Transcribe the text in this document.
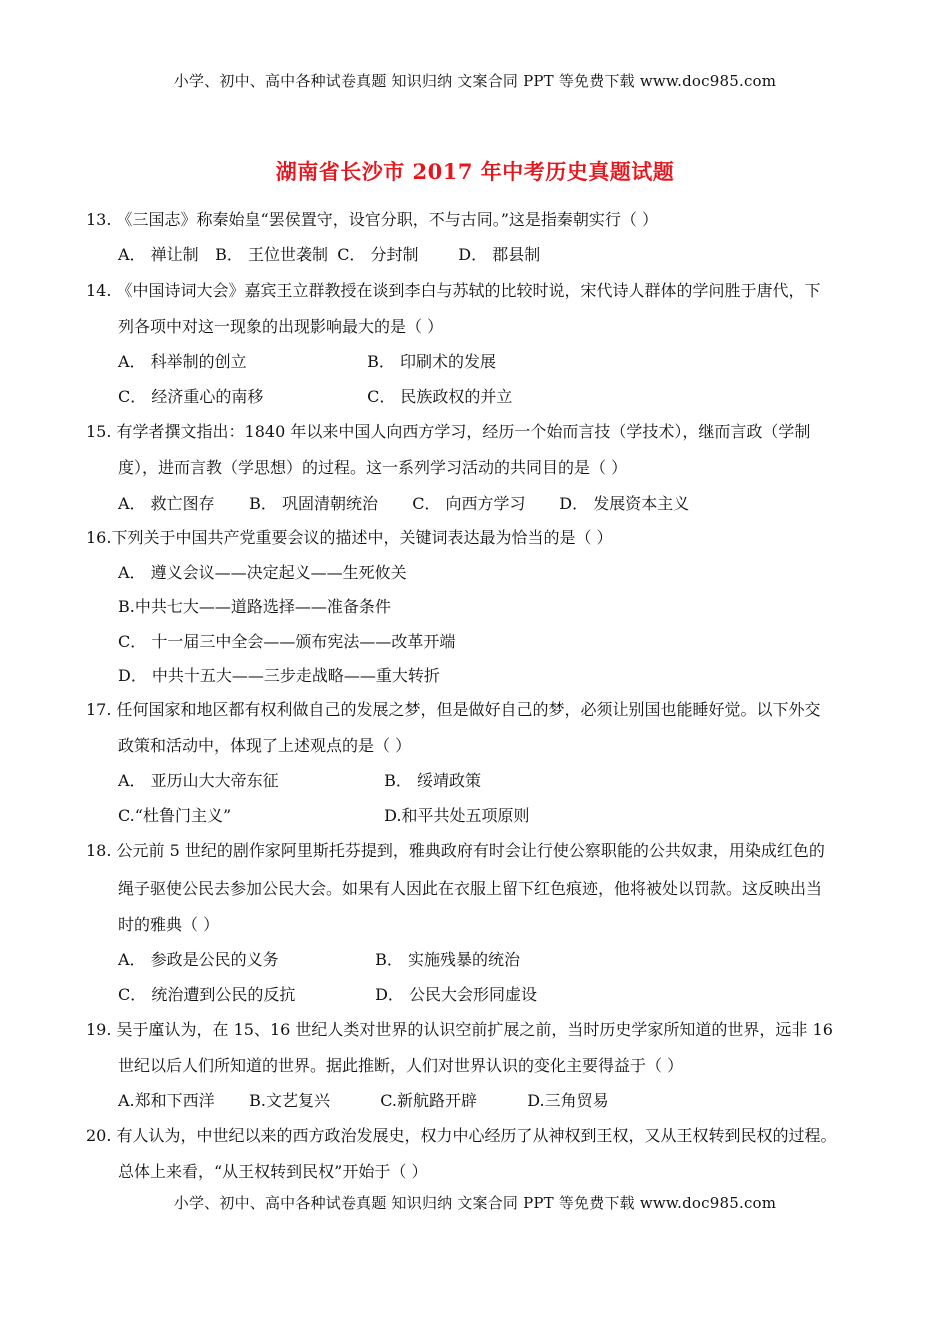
小学、初中、高中各种试卷真题 知识归纳 文案合同 PPT 等免费下载 www.doc985.com
湖南省长沙市 2017 年中考历史真题试题
13. 《三国志》称秦始皇“罢侯置守，设官分职，不与古同。”这是指秦朝实行（ ）
A． 禅让制 B． 王位世袭制 C． 分封制 D． 郡县制
14. 《中国诗词大会》嘉宾王立群教授在谈到李白与苏轼的比较时说，宋代诗人群体的学问胜于唐代，下
列各项中对这一现象的出现影响最大的是（ ）
A． 科举制的创立	B． 印刷术的发展
C． 经济重心的南移	C． 民族政权的并立
15. 有学者撰文指出：1840 年以来中国人向西方学习，经历一个始而言技（学技术），继而言政（学制
度），进而言教（学思想）的过程。这一系列学习活动的共同目的是（ ）
A． 救亡图存 B． 巩固清朝统治 C． 向西方学习 D． 发展资本主义
16.下列关于中国共产党重要会议的描述中，关键词表达最为恰当的是（ ）
A． 遵义会议——决定起义——生死攸关
B.中共七大——道路选择——准备条件
C． 十一届三中全会——颁布宪法——改革开端
D． 中共十五大——三步走战略——重大转折
17. 任何国家和地区都有权利做自己的发展之梦，但是做好自己的梦，必须让别国也能睡好觉。以下外交
政策和活动中，体现了上述观点的是（ ）
A． 亚历山大大帝东征	B． 绥靖政策
C.“杜鲁门主义”	D.和平共处五项原则
18. 公元前 5 世纪的剧作家阿里斯托芬提到，雅典政府有时会让行使公察职能的公共奴隶，用染成红色的
绳子驱使公民去参加公民大会。如果有人因此在衣服上留下红色痕迹，他将被处以罚款。这反映出当
时的雅典（ ）
A． 参政是公民的义务	B． 实施残暴的统治
C． 统治遭到公民的反抗	D． 公民大会形同虚设
19. 吴于廑认为，在 15、16 世纪人类对世界的认识空前扩展之前，当时历史学家所知道的世界，远非 16
世纪以后人们所知道的世界。据此推断，人们对世界认识的变化主要得益于（ ）
A.郑和下西洋 B.文艺复兴	C.新航路开辟	D.三角贸易
20. 有人认为，中世纪以来的西方政治发展史，权力中心经历了从神权到王权，又从王权转到民权的过程。
总体上来看，“从王权转到民权”开始于（ ）
小学、初中、高中各种试卷真题 知识归纳 文案合同 PPT 等免费下载 www.doc985.com
